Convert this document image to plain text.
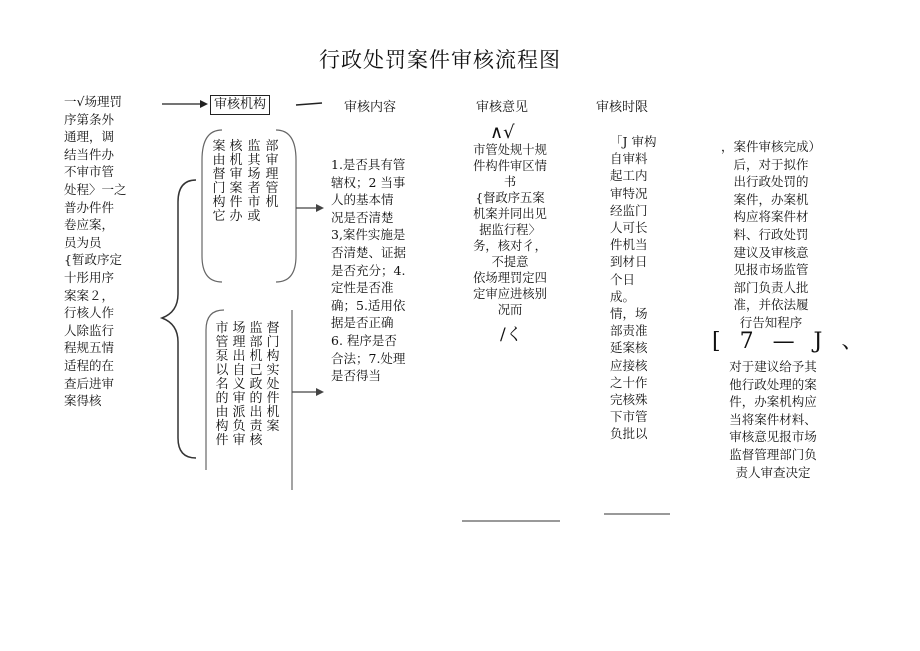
行政处罚案件审核流程图
一√场理罚
序第条外
通理，调
结当件办
不审市管
处程〉一之
普办件件
卷应案，
员为员
{暂政序定
十彤用序
案案２，
行核人作
人除监行
程规五情
适程的在
查后进审
案得核
审核机构	审核内容	审核意见	审核时限
案由督门构它
核机审案件办
监其场者市或
部审理管机
市管泵以名的由构件
场理出自义审派负审
监部机己政的出责核
督门构实处件机案
1.是否具有管
辖权；2 当事
人的基本情
况是否清楚
3,案件实施是
否清楚、证据
是否充分；4.
定性是否准
确；5.适用依
据是否正确
6. 程序是否
合法；7.处理
是否得当
∧√
市管处规十规
件构件审区情
书
{督政序五案
机案并同出见
据监行程〉
务，核对彳，
不提意
依场理罚定四
定审应进核别
况而
/く
「J 审构
自审料
起工内
审特况
经监门
人可长
件机当
到材日
个日
成。
情，场
部责准
延案核
应接核
之十作
完核殊
下市管
负批以
，案件审核完成）
后，对于拟作
出行政处罚的
案件，办案机
构应将案件材
料、行政处罚
建议及审核意
见报市场监管
部门负责人批
准，并依法履
行告知程序
[ 7 — J 、
对于建议给予其
他行政处理的案
件，办案机构应
当将案件材料、
审核意见报市场
监督管理部门负
责人审查决定
